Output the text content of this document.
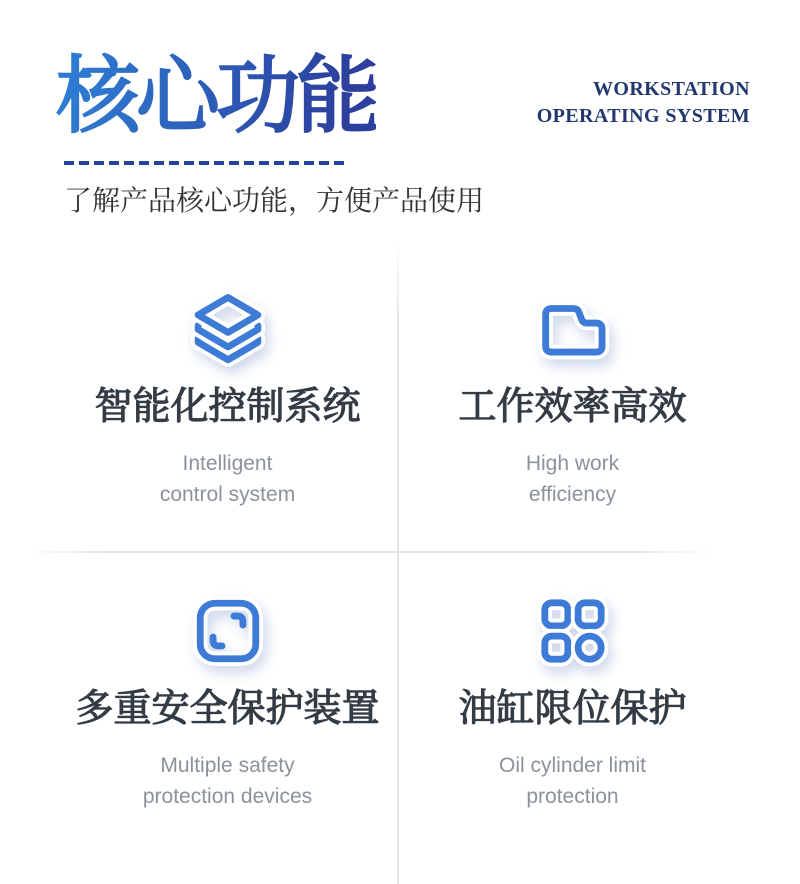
核心功能	WORKSTATION
OPERATING SYSTEM

了解产品核心功能，方便产品使用

智能化控制系统
Intelligent
control system
工作效率高效
High work
efficiency
多重安全保护装置
Multiple safety
protection devices
油缸限位保护
Oil cylinder limit
protection
